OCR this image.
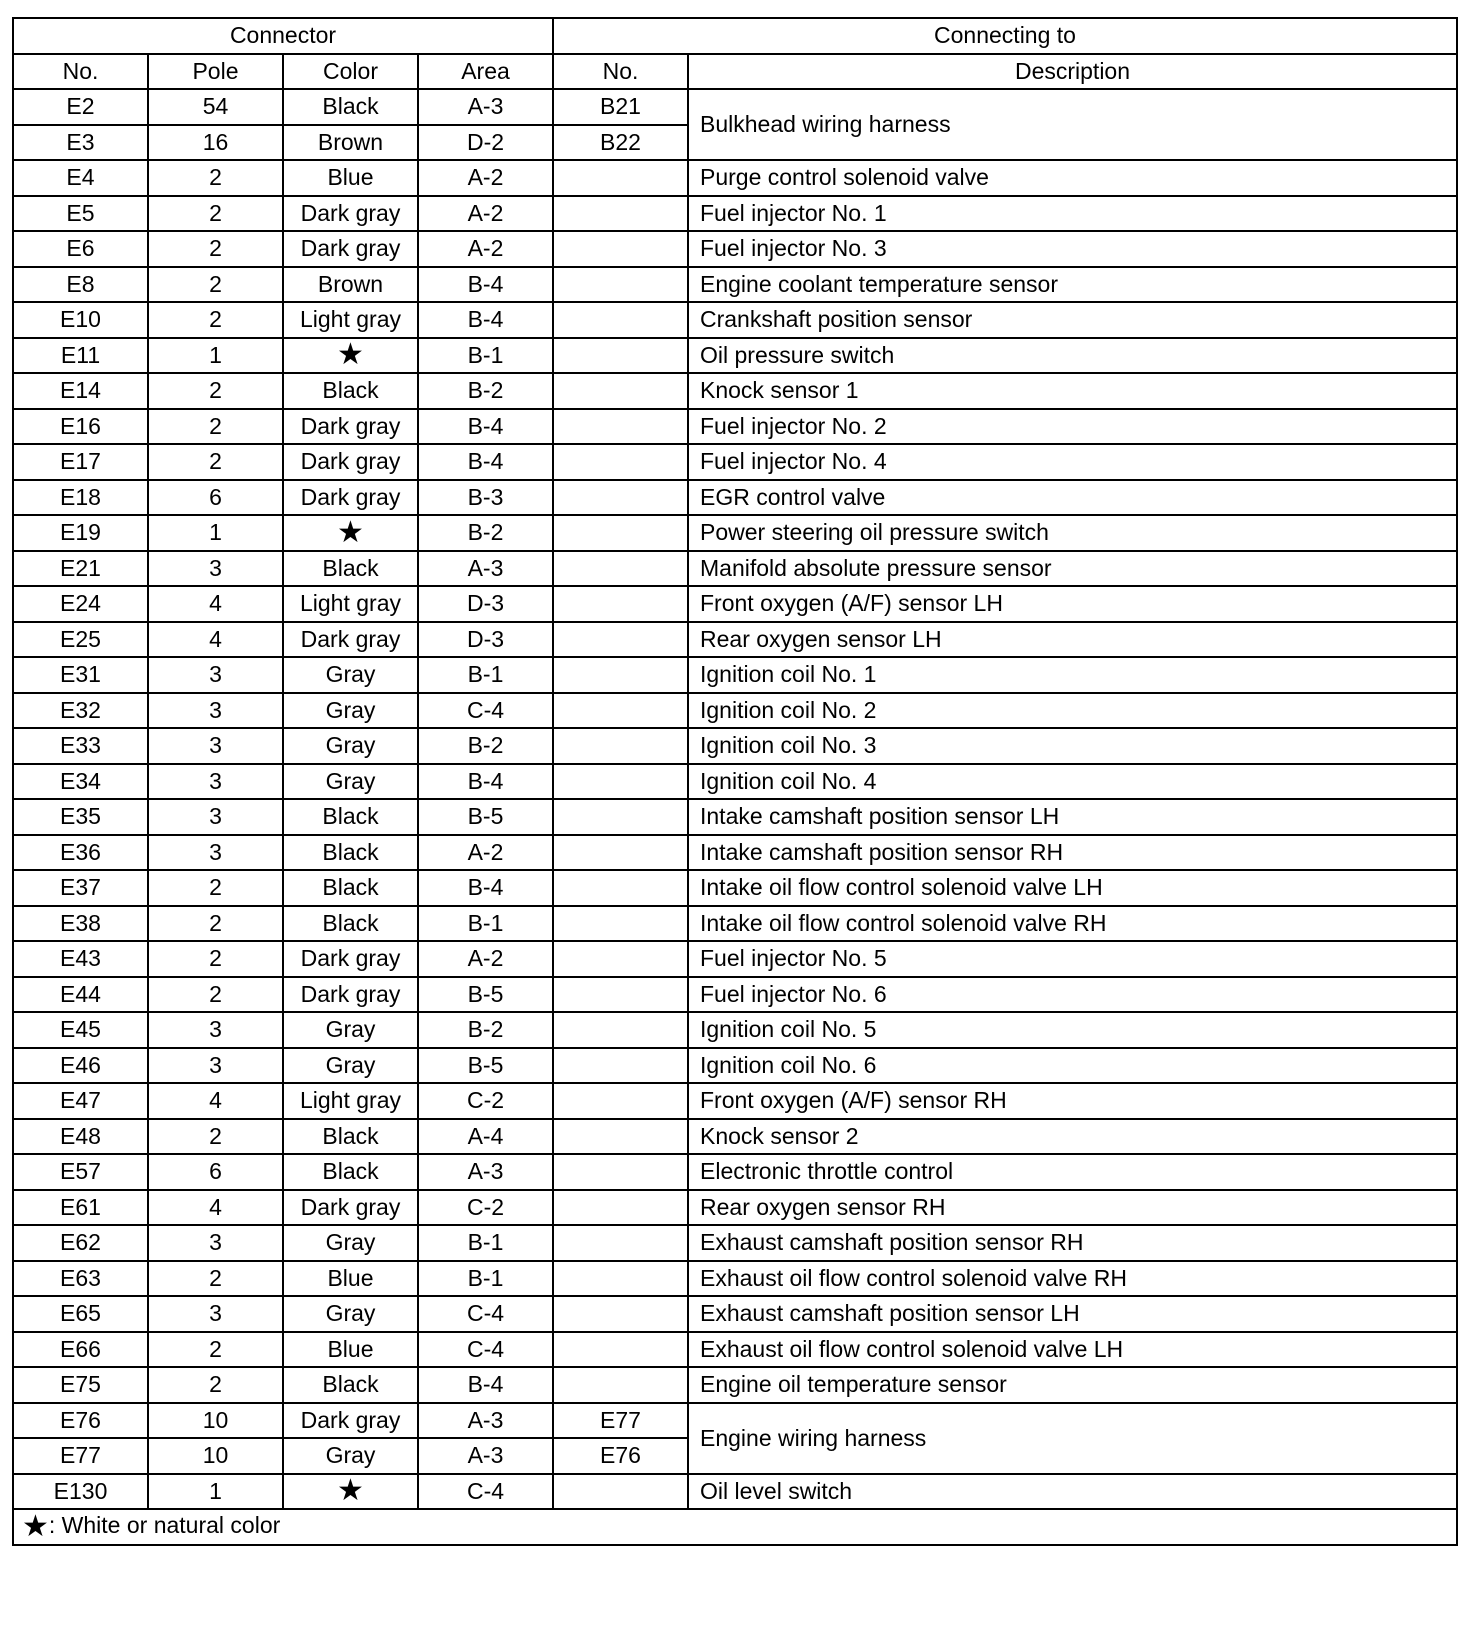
Connector				Connecting to	
No.	Pole	Color	Area	No.	Description
E2	54	Black	A-3	B21	Bulkhead wiring harness
E3	16	Brown	D-2	B22	
E4	2	Blue	A-2		Purge control solenoid valve
E5	2	Dark gray	A-2		Fuel injector No. 1
E6	2	Dark gray	A-2		Fuel injector No. 3
E8	2	Brown	B-4		Engine coolant temperature sensor
E10	2	Light gray	B-4		Crankshaft position sensor
E11	1	★	B-1		Oil pressure switch
E14	2	Black	B-2		Knock sensor 1
E16	2	Dark gray	B-4		Fuel injector No. 2
E17	2	Dark gray	B-4		Fuel injector No. 4
E18	6	Dark gray	B-3		EGR control valve
E19	1	★	B-2		Power steering oil pressure switch
E21	3	Black	A-3		Manifold absolute pressure sensor
E24	4	Light gray	D-3		Front oxygen (A/F) sensor LH
E25	4	Dark gray	D-3		Rear oxygen sensor LH
E31	3	Gray	B-1		Ignition coil No. 1
E32	3	Gray	C-4		Ignition coil No. 2
E33	3	Gray	B-2		Ignition coil No. 3
E34	3	Gray	B-4		Ignition coil No. 4
E35	3	Black	B-5		Intake camshaft position sensor LH
E36	3	Black	A-2		Intake camshaft position sensor RH
E37	2	Black	B-4		Intake oil flow control solenoid valve LH
E38	2	Black	B-1		Intake oil flow control solenoid valve RH
E43	2	Dark gray	A-2		Fuel injector No. 5
E44	2	Dark gray	B-5		Fuel injector No. 6
E45	3	Gray	B-2		Ignition coil No. 5
E46	3	Gray	B-5		Ignition coil No. 6
E47	4	Light gray	C-2		Front oxygen (A/F) sensor RH
E48	2	Black	A-4		Knock sensor 2
E57	6	Black	A-3		Electronic throttle control
E61	4	Dark gray	C-2		Rear oxygen sensor RH
E62	3	Gray	B-1		Exhaust camshaft position sensor RH
E63	2	Blue	B-1		Exhaust oil flow control solenoid valve RH
E65	3	Gray	C-4		Exhaust camshaft position sensor LH
E66	2	Blue	C-4		Exhaust oil flow control solenoid valve LH
E75	2	Black	B-4		Engine oil temperature sensor
E76	10	Dark gray	A-3	E77	Engine wiring harness
E77	10	Gray	A-3	E76	
E130	1	★	C-4		Oil level switch
★: White or natural color					
